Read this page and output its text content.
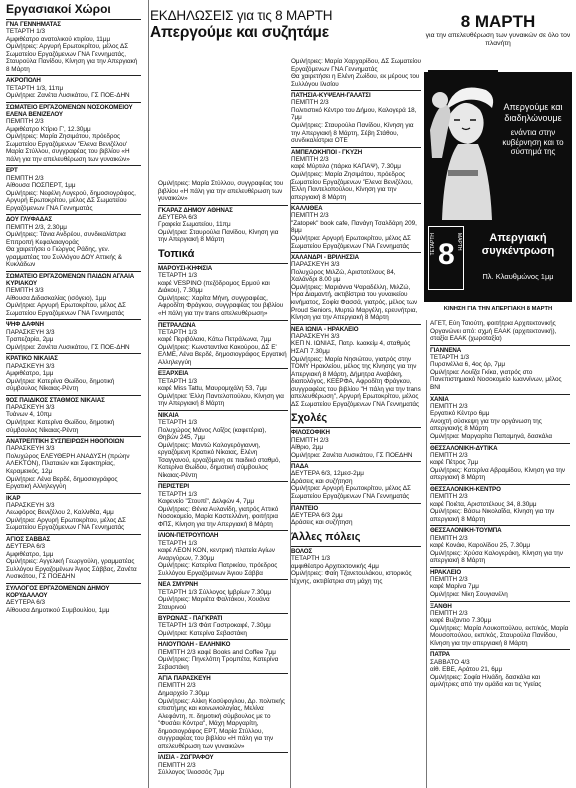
Εργασιακοί Χώροι
ΓΝΑ ΓΕΝΝΗΜΑΤΑΣ
ΤΕΤΑΡΤΗ 1/3
Αμφιθέατρο ανατολικού κτιρίου, 11μμ
Ομιλήτριες: Αργυρή Ερωτοκρίτου, μέλος ΔΣ Σωματείου Εργαζόμενων ΓΝΑ Γεννηματάς, Σταυρούλα Πανίδου, Κίνηση για την Απεργιακή 8 Μάρτη
ΑΚΡΟΠΟΛΗ
ΤΕΤΑΡΤΗ 1/3, 11πμ
Ομιλήτρια: Ζανέτα Λυσικάτου, ΓΣ ΠΟΕ-ΔΗΝ
ΣΩΜΑΤΕΙΟ ΕΡΓΑΖΟΜΕΝΩΝ ΝΟΣΟΚΟΜΕΙΟΥ ΕΛΕΝΑ ΒΕΝΙΖΕΛΟΥ
ΠΕΜΠΤΗ 2/3
Αμφιθέατρο Κτίριο Γ', 12.30μμ
Ομιλήτριες: Μαρία Ζησιμάτου, πρόεδρος Σωματείου Εργαζόμενων 'Έλενα Βενιζέλου'
Μαρία Στύλλου, συγγραφέας του βιβλίου «Η πάλη για την απελευθέρωση των γυναικών»
ΕΡΤ
ΠΕΜΠΤΗ 2/3
Αίθουσα ΠΟΣΠΕΡΤ, 1μμ
Ομιλήτριες: Νεφέλη Λυγερού, δημοσιογράφος, Αργυρή Ερωτοκρίτου, μέλος ΔΣ Σωματείου Εργαζόμενων ΓΝΑ Γεννηματάς
ΔΟΥ ΓΛΥΦΑΔΑΣ
ΠΕΜΠΤΗ 2/3, 2.30μμ
Ομιλήτριες: Τάνια Ανδρέου, συνδικαλίστρια Επιτροπή Κεφαλαιαγοράς
Θα χαιρετήσει ο Γιώργος Ράδης, γεν. γραμματέας του Συλλόγου ΔΟΥ Αττικής & Κυκλάδων
ΣΩΜΑΤΕΙΟ ΕΡΓΑΖΟΜΕΝΩΝ ΠΑΙΔΩΝ ΑΓΛΑΙΑ ΚΥΡΙΑΚΟΥ
ΠΕΜΠΤΗ 3/3
Αίθουσα Διδασκαλίας (ισόγειο), 1μμ
Ομιλήτρια: Αργυρή Ερωτοκρίτου, μέλος ΔΣ Σωματείου Εργαζόμενων ΓΝΑ Γεννηματάς
ΨΗΦ ΔΑΦΝΗ
ΠΑΡΑΣΚΕΥΗ 3/3
Τραπεζαρία, 2μμ
Ομιλήτρια: Ζανέτα Λυσικάτου, ΓΣ ΠΟΕ-ΔΗΝ
ΚΡΑΤΙΚΟ ΝΙΚΑΙΑΣ
ΠΑΡΑΣΚΕΥΗ 3/3
Αμφιθέατρο, 1μμ
Ομιλήτρια: Κατερίνα Θωίδου, δημοτική σύμβουλος Νίκαιας-Ρέντη
9ΟΣ ΠΑΙΔΙΚΟΣ ΣΤΑΘΜΟΣ ΝΙΚΑΙΑΣ
ΠΑΡΑΣΚΕΥΗ 3/3
Τυάνων 4, 10πμ
Ομιλήτρια: Κατερίνα Θωίδου, δημοτική σύμβουλος Νίκαιας-Ρέντη
ΑΝΑΤΡΕΠΤΙΚΗ ΣΥΣΠΕΙΡΩΣΗ ΗΘΟΠΟΙΩΝ
ΠΑΡΑΣΚΕΥΗ 3/3
Πολυχώρος ΕΛΕΥΘΕΡΗ ΑΝΑΔΥΣΗ (πρώην ΑΛΕΚΤΟΝ), Πλαταιών και Σφακτηρίας, Κεραμεικός, 12μ
Ομιλήτρια: Λένα Βερδέ, δημοσιογράφος Εργατική Αλληλεγγύη
ΙΚΑΡ
ΠΑΡΑΣΚΕΥΗ 3/3
Λεωφόρος Βενιζέλου 2, Καλλιθέα, 4μμ
Ομιλήτρια: Αργυρή Ερωτοκρίτου, μέλος ΔΣ Σωματείου Εργαζόμενων ΓΝΑ Γεννηματάς
ΑΓΙΟΣ ΣΑΒΒΑΣ
ΔΕΥΤΕΡΑ 6/3
Αμφιθέατρο, 1μμ
Ομιλήτριες: Αγγελική Γεωργούλη, γραμματέας Συλλόγου Εργαζομένων Άγιος Σάββας, Ζανέτα Λυσικάτου, ΓΣ ΠΟΕΔΗΝ
ΣΥΛΛΟΓΟΣ ΕΡΓΑΖΟΜΕΝΩΝ ΔΗΜΟΥ ΚΟΡΥΔΑΛΛΟΥ
ΔΕΥΤΕΡΑ 6/3
Αίθουσα Δημοτικού Συμβουλίου, 1μμ
ΕΚΔΗΛΩΣΕΙΣ για τις 8 ΜΑΡΤΗ
Απεργούμε και συζητάμε
8 ΜΑΡΤΗ
για την απελευθέρωση των γυναικών σε όλο τον πλανήτη
Απεργούμε και διαδηλώνουμε
ενάντια στην κυβέρνηση και το σύστημά της
ΤΕΤΑΡΤΗ 8 ΜΑΡΤΗ	Απεργιακή συγκέντρωση
Πλ. Κλαυθμώνος 1μμ
ΚΙΝΗΣΗ ΓΙΑ ΤΗΝ ΑΠΕΡΓΙΑΚΗ 8 ΜΑΡΤΗ
Ομιλήτριες: Μαρία Στύλλου, συγγραφέας του βιβλίου «Η πάλη για την απελευθέρωση των γυναικών»
ΓΚΑΡΑΖ ΔΗΜΟΥ ΑΘΗΝΑΣ
ΔΕΥΤΕΡΑ 6/3
Γραφεία Σωματείου, 11πμ
Ομιλήτρια: Σταυρούλα Πανίδου, Κίνηση για την Απεργιακή 8 Μάρτη
Τοπικά
ΜΑΡΟΥΣΙ-ΚΗΦΙΣΙΑ
ΤΕΤΑΡΤΗ 1/3
καφέ VESPINO (πεζόδρομος Ερμού και Διάκου), 7.30μμ
Ομιλήτριες: Χαρίτα Μήνη, συγγραφέας, Αφροδίτη Φράγκου, συγγραφέας του βιβλίου «Η πάλη για την trans απελευθέρωση»
ΠΕΤΡΑΛΩΝΑ
ΤΕΤΑΡΤΗ 1/3
καφέ Περιβόλακι, Κάτω Πετράλωνα, 7μμ
Ομιλήτριες: Κωνσταντίνα Κακούρου, ΔΣ Ε' ΕΛΜΕ, Λένα Βερδέ, δημοσιογράφος Εργατική Αλληλεγγύη
ΕΞΑΡΧΕΙΑ
ΤΕΤΑΡΤΗ 1/3
καφέ Miss Tattu, Μαυρομιχάλη 53, 7μμ
Ομιλήτρια: Έλλη Παντελοπούλου, Κίνηση για την Απεργιακή 8 Μάρτη
ΝΙΚΑΙΑ
ΤΕΤΑΡΤΗ 1/3
Πολυχώρος Μάνος Λοΐζος (καφετέρια), Θηβών 245, 7μμ
Ομιλήτριες: Μαντώ Καλογερόγιαννη, εργαζόμενη Κρατικό Νίκαιας, Ελένη Τσαγγανού, εργαζόμενη σε παιδικό σταθμό, Κατερίνα Θωίδου, δημοτική σύμβουλος Νίκαιας-Ρέντη
ΠΕΡΙΣΤΕΡΙ
ΤΕΤΑΡΤΗ 1/3
Καφενείο "Στουπί", Δελφών 4, 7μμ
Ομιλήτριες: Θένια Αυλανίδη, γιατρός Αττικό Νοσοκομείο, Μαρία Καστελλάνη, φοιτήτρια ΦΠΣ, Κίνηση για την Απεργιακή 8 Μάρτη
ΙΛΙΟΝ-ΠΕΤΡΟΥΠΟΛΗ
ΤΕΤΑΡΤΗ 1/3
καφέ ΛΕΟΝ ΚΟΝ, κεντρική πλατεία Αγίων Αναργύρων, 7.30μμ
Ομιλήτριες: Κατερίνα Πατρικίου, πρόεδρος Συλλόγου Εργαζόμενων Άγιου Σάββα
ΝΕΑ ΣΜΥΡΝΗ
ΤΕΤΑΡΤΗ 1/3 Σύλλογος Ιμβρίων 7.30μμ
Ομιλήτριες: Μαριέτα Φαλτάκου, Χουάνα Σταυρινού
ΒΥΡΩΝΑΣ - ΠΑΓΚΡΑΤΙ
ΤΕΤΑΡΤΗ 1/3 Φάιτ Γαστροκαφέ, 7.30μμ
Ομιλήτρια: Κατερίνα Σεβαστάκη
ΗΛΙΟΥΠΟΛΗ - ΕΛΛΗΝΙΚΟ
ΠΕΜΠΤΗ 2/3 καφέ Books and Coffee 7μμ
Ομιλήτριες: Πηνελόπη Τρομπέτα, Κατερίνα Σεβαστάκη
ΑΓΙΑ ΠΑΡΑΣΚΕΥΗ
ΠΕΜΠΤΗ 2/3
Δημαρχείο 7.30μμ
Ομιλήτριες: Αλίκη Κοσύφογλου, Δρ. πολιτικής επιστήμης και κοινωνιολογίας, Μελίνα Αλεφάντη, π. δημοτική σύμβουλος με το "Φυσάει Κόντρα", Μάχη Μαργαρίτη, δημοσιογράφος ΕΡΤ, Μαρία Στύλλου, συγγραφέας του βιβλίου «Η πάλη για την απελευθέρωση των γυναικών»
ΙΛΙΣΙΑ - ΖΩΓΡΑΦΟΥ
ΠΕΜΠΤΗ 2/3
Σύλλογος Ίλιοσσός 7μμ
Ομιλήτριες: Μαρία Χαρχαρίδου, ΔΣ Σωματείου Εργαζόμενων ΓΝΑ Γεννηματάς
Θα χαιρετήσει η Ελένη Ζωίδου, εκ μέρους του Συλλόγου Ιλισίου
ΠΑΤΗΣΙΑ-ΚΥΨΕΛΗ-ΓΑΛΑΤΣΙ
ΠΕΜΠΤΗ 2/3
Πολιτιστικό Κέντρο του Δήμου, Καλογερά 18, 7μμ
Ομιλήτριες: Σταυρούλα Πανίδου, Κίνηση για την Απεργιακή 8 Μάρτη, Σέβη Στάθου, συνδικαλίστρια ΟΤΕ
ΑΜΠΕΛΟΚΗΠΟΙ - ΓΚΥΖΗ
ΠΕΜΠΤΗ 2/3
καφέ Μύρτιλο (πάρκο ΚΑΠΑΨ), 7.30μμ
Ομιλήτριες: Μαρία Ζησιμάτου, πρόεδρος Σωματείου Εργαζόμενων 'Έλενα Βενιζέλου, Έλλη Παντελοπούλου, Κίνηση για την απεργιακή 8 Μάρτη
ΚΑΛΛΙΘΕΑ
ΠΕΜΠΤΗ 2/3
"Zatopek" book cafe, Πανάγη Τσαλδάρη 209, 8μμ
Ομιλήτρια: Αργυρή Ερωτοκρίτου, μέλος ΔΣ Σωματείου Εργαζόμενων ΓΝΑ Γεννηματάς
ΧΑΛΑΝΔΡΙ - ΒΡΙΛΗΣΣΙΑ
ΠΑΡΑΣΚΕΥΗ 3/3
Πολυχώρος ΜιλΖώ, Αριστοτέλους 84, Χαλάνδρι 8.00 μμ
Ομιλήτριες: Μαριάννα Ψαραδέλλη, ΜιλΖώ, Ήρα Διαμαντή, ακτιβίστρια του γυναικείου κινήματος, Σοφία Φασσά, γιατρός, μέλος των Proud Seniors, Μυρτώ Μαργέλη, ερευνήτρια, Κίνηση για την Απεργιακή 8 Μάρτη
ΝΕΑ ΙΩΝΙΑ - ΗΡΑΚΛΕΙΟ
ΠΑΡΑΣΚΕΥΗ 3/3
ΚΕΠ Ν. ΙΩΝΙΑΣ, Πατρ. Ιωακείμ 4, σταθμός ΗΣΑΠ 7.30μμ
Ομιλήτριες: Μαρία Νησιώτου, γιατρός στην ΤΟΜΥ Ηρακλείου, μέλος της Κίνησης για την Απεργιακή 8 Μάρτη, Δήμητρα Αναβάκη, διαιτολόγος, ΚΕΕΡΦΑ, Αφροδίτη Φράγκου, συγγραφέας του βιβλίου "Η πάλη για την trans απελευθέρωση", Αργυρή Ερωτοκρίτου, μέλος ΔΣ Σωματείου Εργαζόμενων ΓΝΑ Γεννηματάς
Σχολές
ΦΙΛΟΣΟΦΙΚΗ
ΠΕΜΠΤΗ 2/3
Αίθριο, 2μμ
Ομιλήτρια: Ζανέτα Λυσικάτου, ΓΣ ΠΟΕΔΗΝ
ΠΑΔΑ
ΔΕΥΤΕΡΑ 6/3, 12μεσ-2μμ
Δράσεις και συζήτηση
Ομιλήτρια: Αργυρή Ερωτοκρίτου, μέλος ΔΣ Σωματείου Εργαζόμενων ΓΝΑ Γεννηματάς
ΠΑΝΤΕΙΟ
ΔΕΥΤΕΡΑ 6/3 2μμ
Δράσεις και συζήτηση
Άλλες πόλεις
ΒΟΛΟΣ
ΤΕΤΑΡΤΗ 1/3
αμφιθέατρο Αρχιτεκτονικής 4μμ
Ομιλήτριες: Φαίη Τζανετουλάκου, ιστορικός τέχνης, ακτιβίστρια στη μάχη της
ΑΓΕΤ, Εύη Τσιούτη, φοιτήτρια Αρχιτεκτονικής
Οργανώνει από: σχμή ΕΑΑΚ (αρχιτεκτονική), σταξία ΕΑΑΚ (χωροταξία)
ΓΙΑΝΝΕΝΑ
ΤΕΤΑΡΤΗ 1/3
Πυρσινέλλα 6, 4ος όρ, 7μμ
Ομιλήτρια: Λουΐζα Γκίκα, γιατρός στο Πανεπιστημιακό Νοσοκομείο Ιωαννίνων, μέλος ΒΝΙ
ΧΑΝΙΑ
ΠΕΜΠΤΗ 2/3
Εργατικό Κέντρο 6μμ
Ανοιχτή σύσκεψη για την οργάνωση της απεργιακής 8 Μάρτη
Ομιλήτρια: Μαργαρίτα Παπαμηνά, δασκάλα
ΘΕΣΣΑΛΟΝΙΚΗ-ΔΥΤΙΚΑ
ΠΕΜΠΤΗ 2/3
καφέ Πέτρος 7μμ
Ομιλήτριες: Κατερίνα Αβραμίδου, Κίνηση για την απεργιακή 8 Μάρτη
ΘΕΣΣΑΛΟΝΙΚΗ-ΚΕΝΤΡΟ
ΠΕΜΠΤΗ 2/3
καφέ Ποιέτα, Αριστοτέλους 34, 8.30μμ
Ομιλήτριες: Βάσω Νικολαΐδα, Κίνηση για την απεργιακή 8 Μάρτη
ΘΕΣΣΑΛΟΝΙΚΗ-ΤΟΥΜΠΑ
ΠΕΜΠΤΗ 2/3
καφέ Κονάκι, Καρολίδου 25, 7.30μμ
Ομιλήτριες: Χρύσα Καλογεράκη, Κίνηση για την απεργιακή 8 Μάρτη
ΗΡΑΚΛΕΙΟ
ΠΕΜΠΤΗ 2/3
καφέ Μαρίνα 7μμ
Ομιλήτρια: Νίκη Σουγιανέλη
ΞΑΝΘΗ
ΠΕΜΠΤΗ 2/3
καφέ Βυζαντιο 7.30μμ
Ομιλήτριες: Μαρία Λουκοπούλου, εκπ/κός, Μαρία Μουσοπούλου, εκπ/κός, Σταυρούλα Πανίδου, Κίνηση για την απεργιακή 8 Μάρτη
ΠΑΤΡΑ
ΣΑΒΒΑΤΟ 4/3
αίθ. ΕΒΕ, Αράτου 21, 6μμ
Ομιλήτριες: Σοφία Ηλιάδη, δασκάλα και αμιλήτριες από την ομάδα και τις Υγείας
